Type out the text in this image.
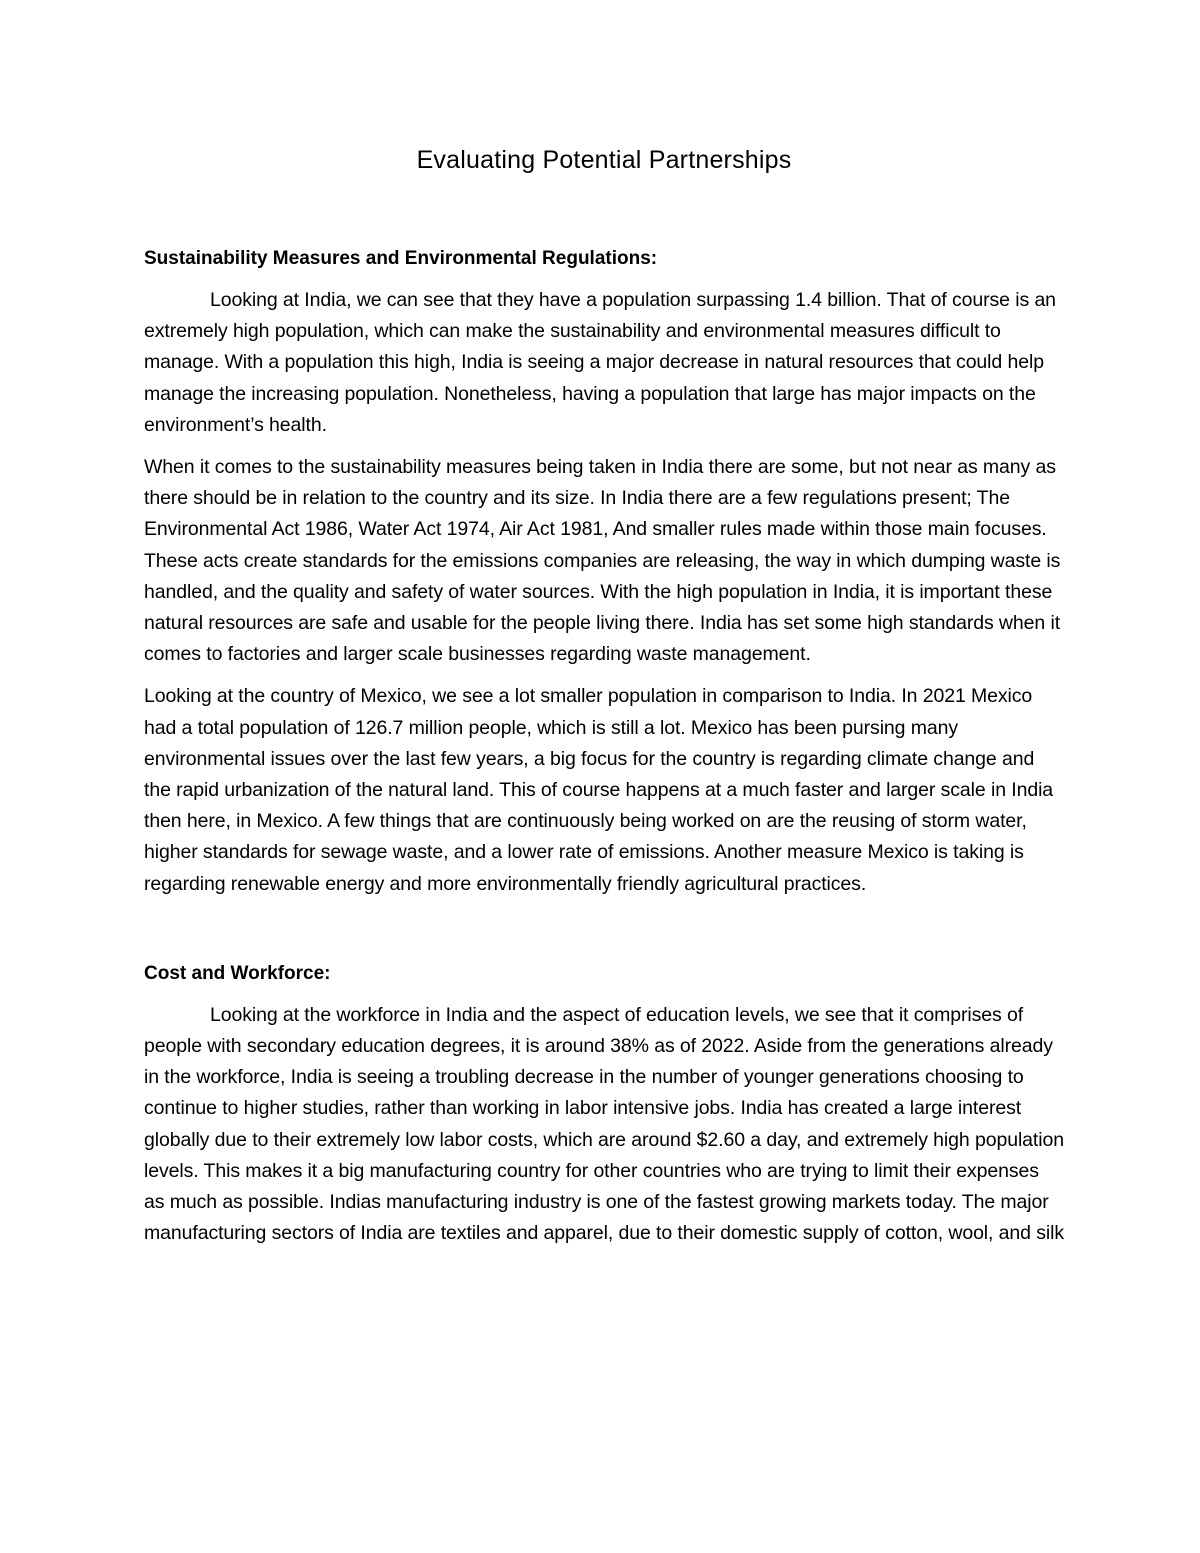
Evaluating Potential Partnerships
Sustainability Measures and Environmental Regulations:

Looking at India, we can see that they have a population surpassing 1.4 billion. That of course is an extremely high population, which can make the sustainability and environmental measures difficult to manage. With a population this high, India is seeing a major decrease in natural resources that could help manage the increasing population. Nonetheless, having a population that large has major impacts on the environment’s health.

When it comes to the sustainability measures being taken in India there are some, but not near as many as there should be in relation to the country and its size. In India there are a few regulations present; The Environmental Act 1986, Water Act 1974, Air Act 1981, And smaller rules made within those main focuses. These acts create standards for the emissions companies are releasing, the way in which dumping waste is handled, and the quality and safety of water sources. With the high population in India, it is important these natural resources are safe and usable for the people living there. India has set some high standards when it comes to factories and larger scale businesses regarding waste management.

Looking at the country of Mexico, we see a lot smaller population in comparison to India. In 2021 Mexico had a total population of 126.7 million people, which is still a lot. Mexico has been pursing many environmental issues over the last few years, a big focus for the country is regarding climate change and the rapid urbanization of the natural land. This of course happens at a much faster and larger scale in India then here, in Mexico. A few things that are continuously being worked on are the reusing of storm water, higher standards for sewage waste, and a lower rate of emissions. Another measure Mexico is taking is regarding renewable energy and more environmentally friendly agricultural practices.

Cost and Workforce:

Looking at the workforce in India and the aspect of education levels, we see that it comprises of people with secondary education degrees, it is around 38% as of 2022. Aside from the generations already in the workforce, India is seeing a troubling decrease in the number of younger generations choosing to continue to higher studies, rather than working in labor intensive jobs. India has created a large interest globally due to their extremely low labor costs, which are around $2.60 a day, and extremely high population levels. This makes it a big manufacturing country for other countries who are trying to limit their expenses as much as possible. Indias manufacturing industry is one of the fastest growing markets today. The major manufacturing sectors of India are textiles and apparel, due to their domestic supply of cotton, wool, and silk
